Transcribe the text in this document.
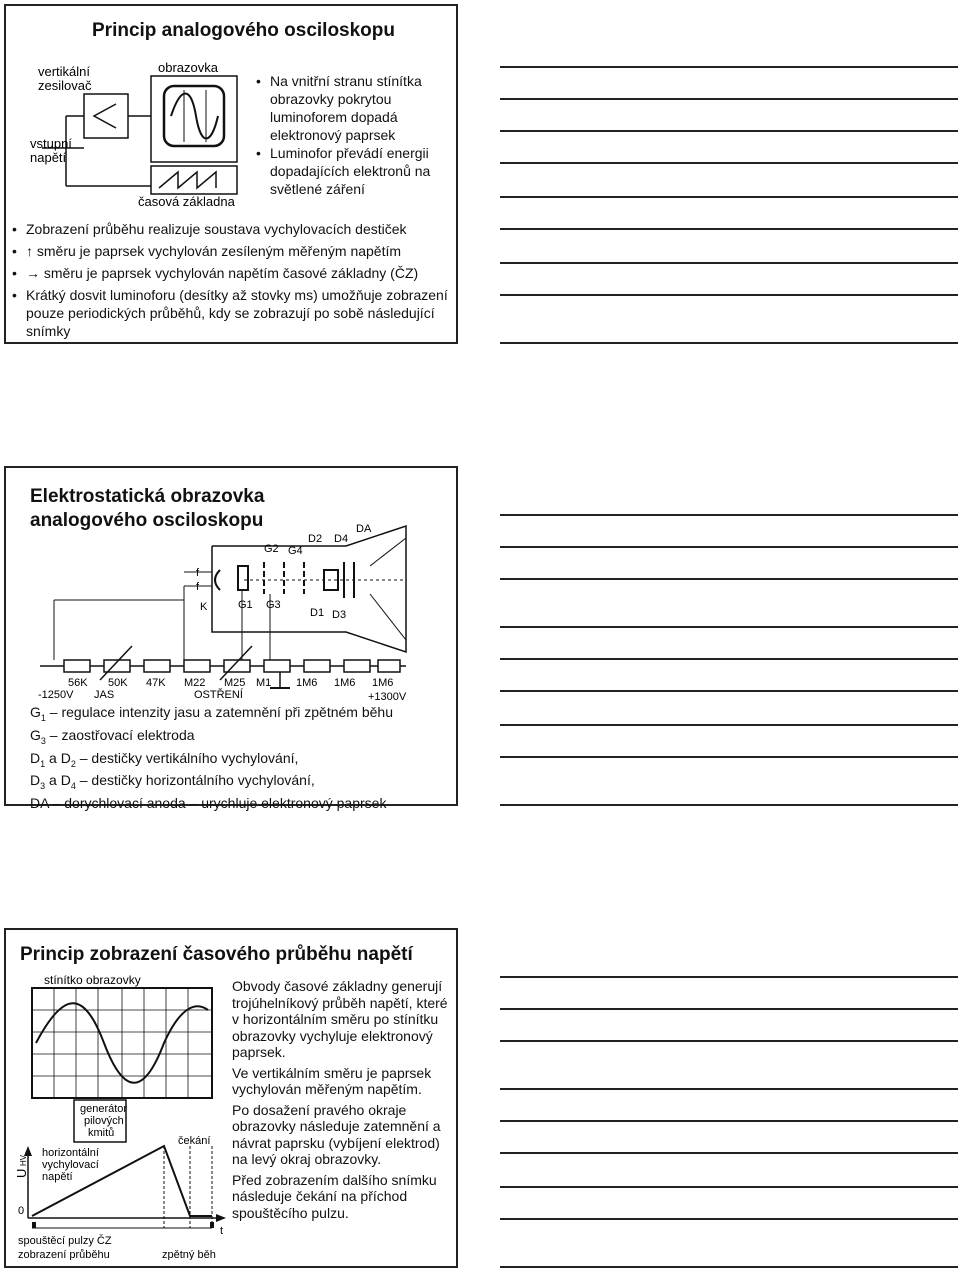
Princip analogového osciloskopu
vertikální
zesilovač
obrazovka
vstupní
napětí
časová základna
• Na vnitřní stranu stínítka obrazovky pokrytou luminoforem dopadá elektronový paprsek
• Luminofor převádí energii dopadajících elektronů na světlené záření
• Zobrazení průběhu realizuje soustava vychylovacích destiček
• ↑ směru je paprsek vychylován zesíleným měřeným napětím
• → směru je paprsek vychylován napětím časové základny (ČZ)
• Krátký dosvit luminoforu (desítky až stovky ms) umožňuje zobrazení pouze periodických průběhů, kdy se zobrazují po sobě následující snímky
Elektrostatická obrazovka
analogového osciloskopu
f
f
K
DA
D2 D4
G2 G4
G1 G3
D1 D3
56K 50K 47K M22 M25 M1 1M6 1M6 1M6
-1250V JAS	OSTŘENÍ	+1300V
$G_1$ – regulace intenzity jasu a zatemnění při zpětném běhu
$G_3$ – zaostřovací elektroda
$D_1$ a $D_2$ – destičky vertikálního vychylování,
$D_3$ a $D_4$ – destičky horizontálního vychylování,
DA – dorychlovací anoda – urychluje elektronový paprsek
Princip zobrazení časového průběhu napětí
stínítko obrazovky
generátor
pilových
kmitů
U
HV
0
t
horizontální
vychylovací
napětí
čekání
spouštěcí pulzy ČZ
zobrazení průběhu	zpětný běh

Obvody časové základny generují trojúhelníkový průběh napětí, které v horizontálním směru po stínítku obrazovky vychyluje elektronový paprsek.

Ve vertikálním směru je paprsek vychylován měřeným napětím.

Po dosažení pravého okraje obrazovky následuje zatemnění a návrat paprsku (vybíjení elektrod) na levý okraj obrazovky.

Před zobrazením dalšího snímku následuje čekání na příchod spouštěcího pulzu.
